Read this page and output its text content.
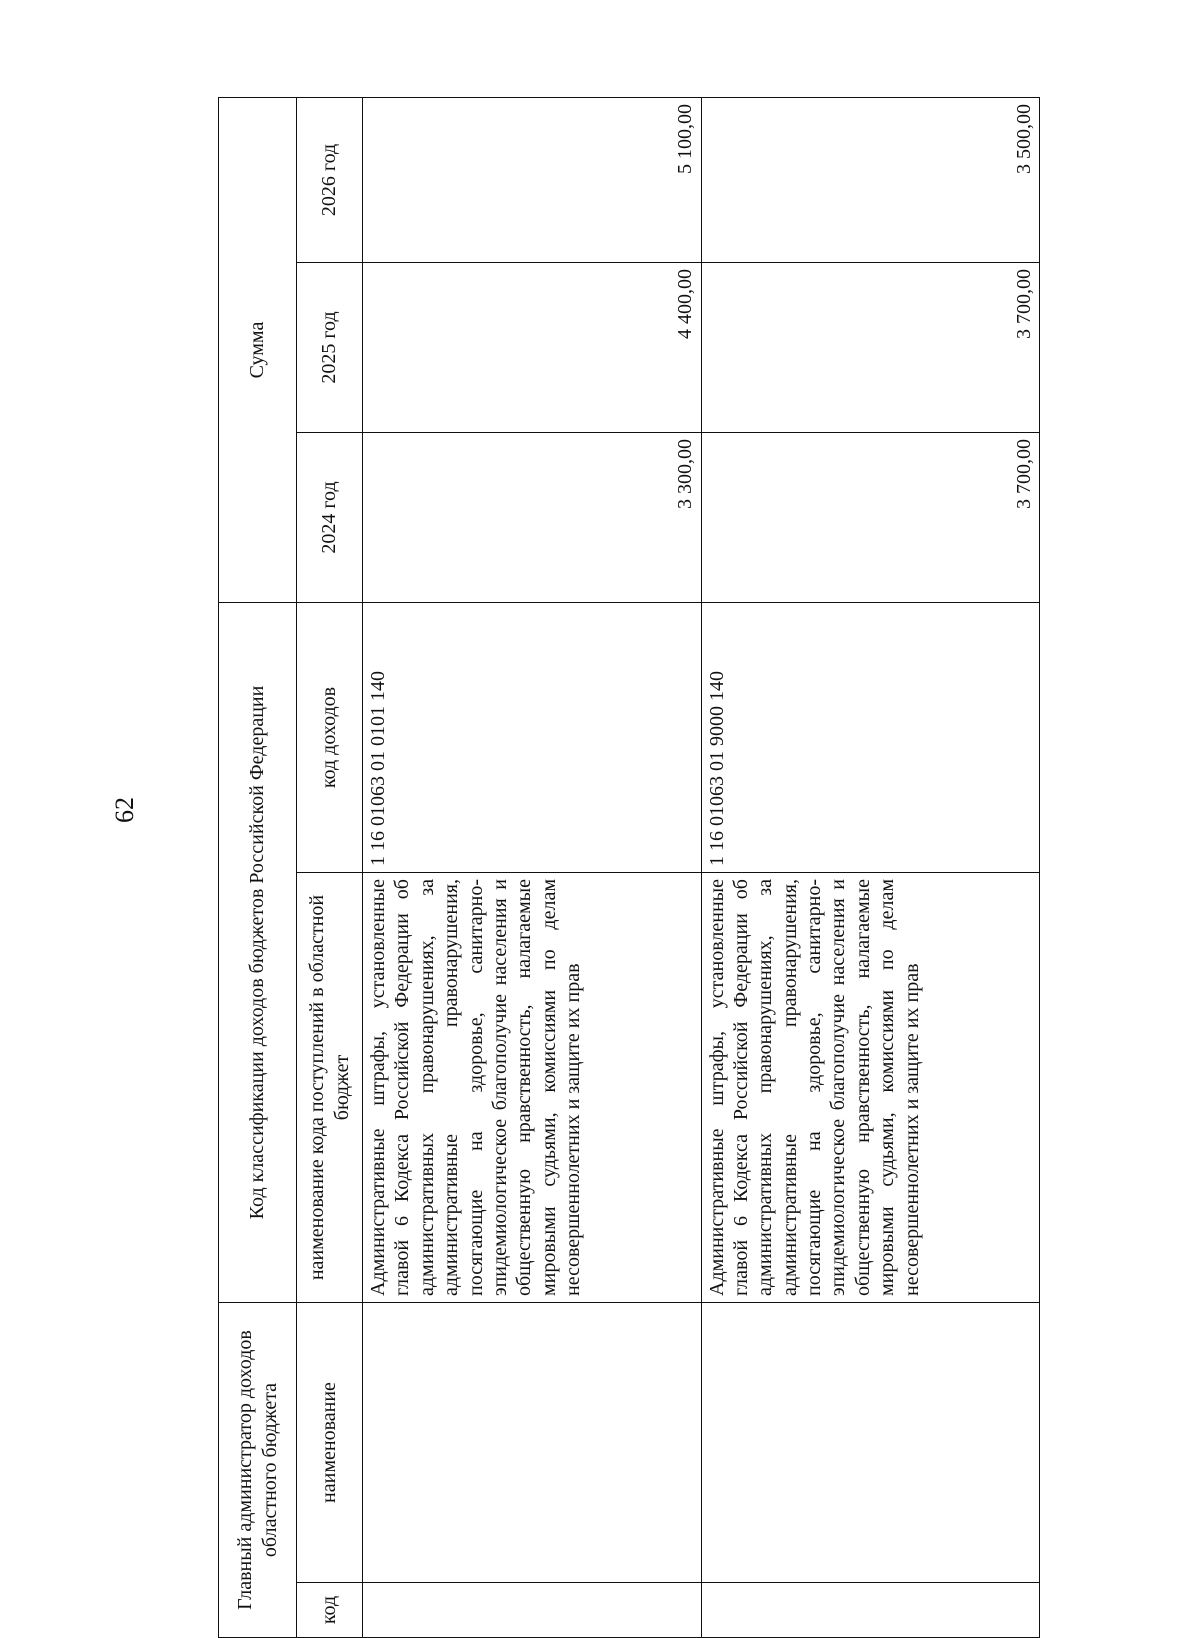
62
Главный администратор доходов областного бюджета		Код классификации доходов бюджетов Российской Федерации		Сумма		
код	наименование	наименование кода поступлений в областной бюджет	код доходов	2024 год	2025 год	2026 год
		Административные штрафы, установленные главой 6 Кодекса Российской Федерации об административных правонарушениях, за административные правонарушения, посягающие на здоровье, санитарно-эпидемиологическое благополучие населения и общественную нравственность, налагаемые мировыми судьями, комиссиями по делам несовершеннолетних и защите их прав	1 16 01063 01 0101 140	3 300,00	4 400,00	5 100,00
		Административные штрафы, установленные главой 6 Кодекса Российской Федерации об административных правонарушениях, за административные правонарушения, посягающие на здоровье, санитарно-эпидемиологическое благополучие населения и общественную нравственность, налагаемые мировыми судьями, комиссиями по делам несовершеннолетних и защите их прав	1 16 01063 01 9000 140	3 700,00	3 700,00	3 500,00
